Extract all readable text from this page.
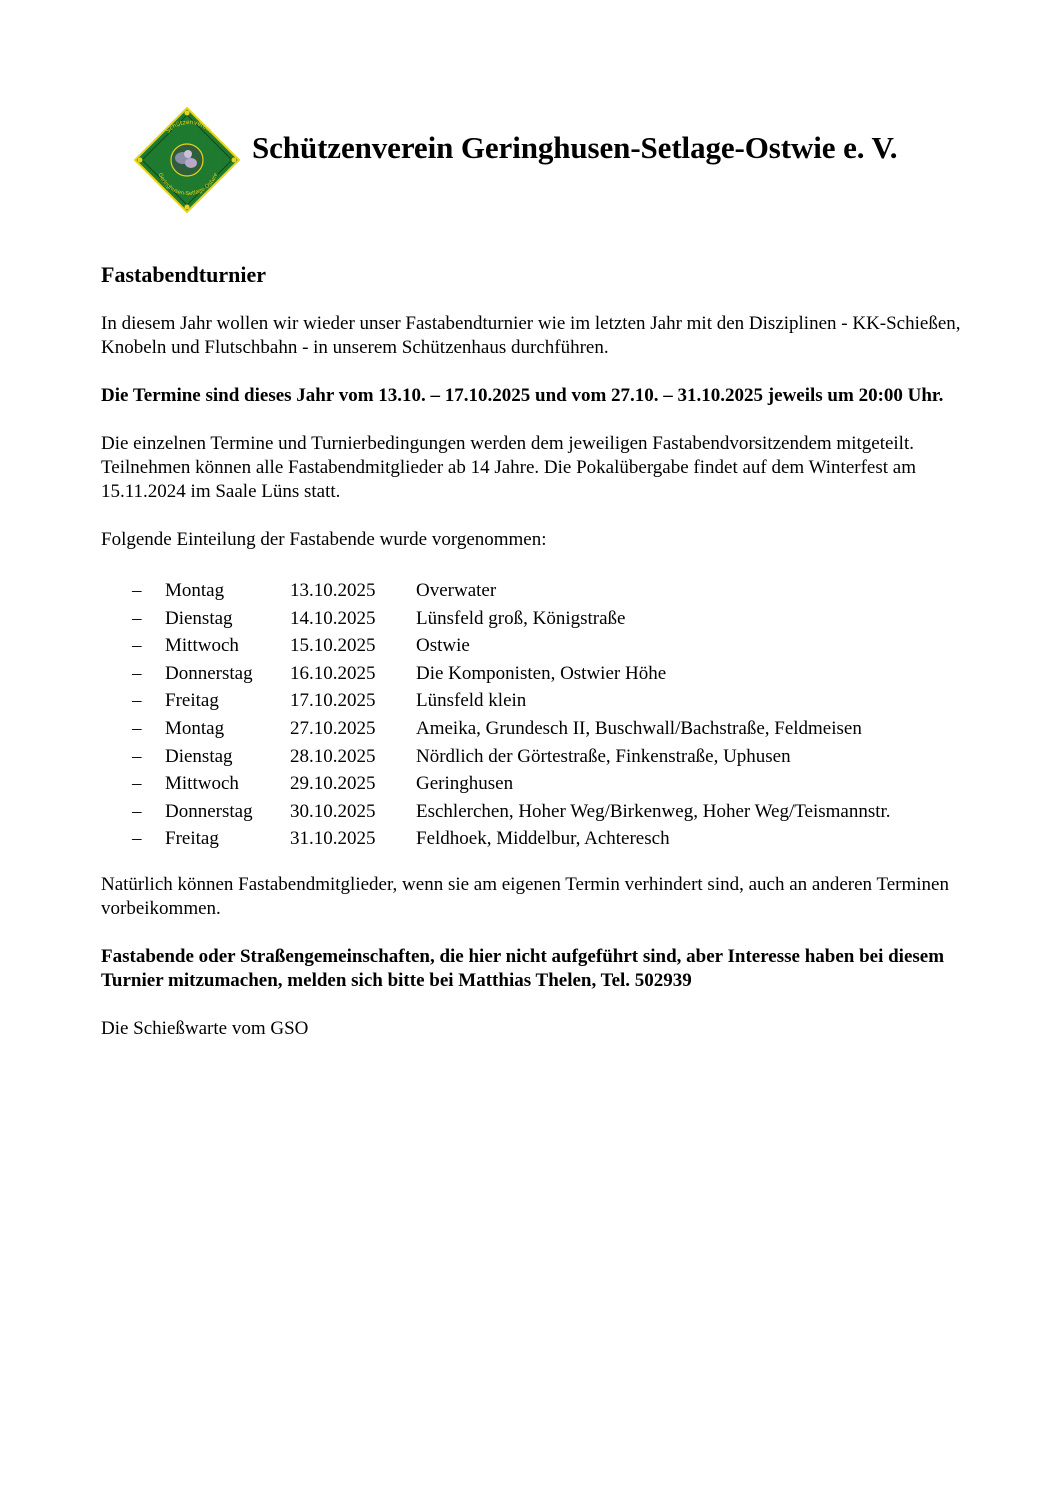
Schützenverein
Geringhusen-Setlage-Ostwie
Schützenverein Geringhusen-Setlage-Ostwie e. V.
Fastabendturnier

In diesem Jahr wollen wir wieder unser Fastabendturnier wie im letzten Jahr mit den Disziplinen - KK-Schießen, Knobeln und Flutschbahn - in unserem Schützenhaus durchführen.

Die Termine sind dieses Jahr vom 13.10. – 17.10.2025 und vom 27.10. – 31.10.2025 jeweils um 20:00 Uhr.

Die einzelnen Termine und Turnierbedingungen werden dem jeweiligen Fastabendvorsitzendem mitgeteilt. Teilnehmen können alle Fastabendmitglieder ab 14 Jahre. Die Pokalübergabe findet auf dem Winterfest am 15.11.2024 im Saale Lüns statt.

Folgende Einteilung der Fastabende wurde vorgenommen:

–	Montag	13.10.2025	Overwater
–	Dienstag	14.10.2025	Lünsfeld groß, Königstraße
–	Mittwoch	15.10.2025	Ostwie
–	Donnerstag	16.10.2025	Die Komponisten, Ostwier Höhe
–	Freitag	17.10.2025	Lünsfeld klein
–	Montag	27.10.2025	Ameika, Grundesch II, Buschwall/Bachstraße, Feldmeisen
–	Dienstag	28.10.2025	Nördlich der Görtestraße, Finkenstraße, Uphusen
–	Mittwoch	29.10.2025	Geringhusen
–	Donnerstag	30.10.2025	Eschlerchen, Hoher Weg/Birkenweg, Hoher Weg/Teismannstr.
–	Freitag	31.10.2025	Feldhoek, Middelbur, Achteresch

Natürlich können Fastabendmitglieder, wenn sie am eigenen Termin verhindert sind, auch an anderen Terminen vorbeikommen.

Fastabende oder Straßengemeinschaften, die hier nicht aufgeführt sind, aber Interesse haben bei diesem Turnier mitzumachen, melden sich bitte bei Matthias Thelen, Tel. 502939

Die Schießwarte vom GSO
